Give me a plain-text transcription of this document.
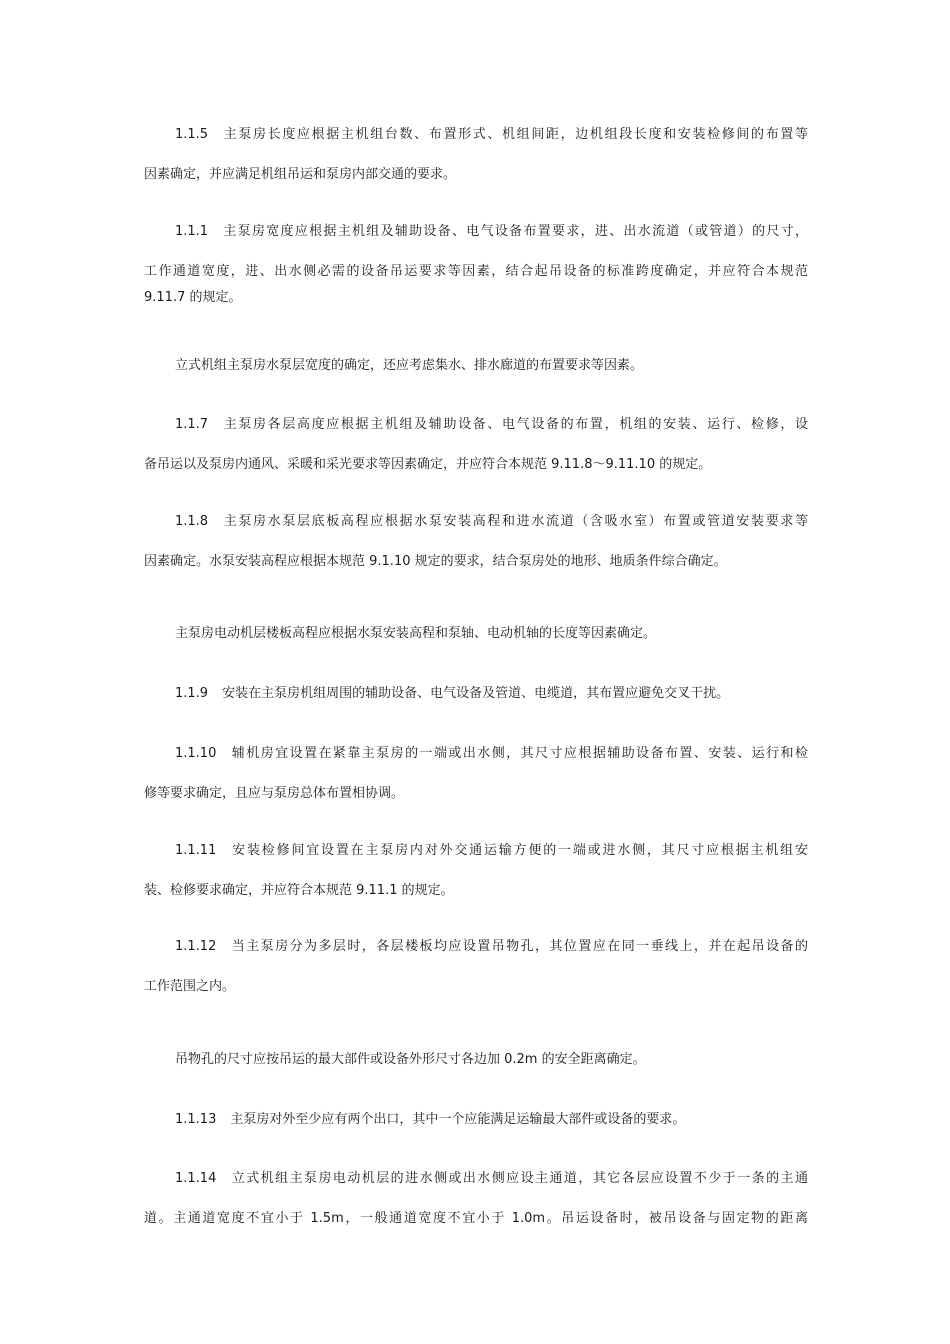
1.1.5 主泵房长度应根据主机组台数、布置形式、机组间距，边机组段长度和安装检修间的布置等
因素确定，并应满足机组吊运和泵房内部交通的要求。
1.1.1 主泵房宽度应根据主机组及辅助设备、电气设备布置要求，进、出水流道（或管道）的尺寸，
工作通道宽度，进、出水侧必需的设备吊运要求等因素，结合起吊设备的标准跨度确定，并应符合本规范
9.11.7 的规定。
立式机组主泵房水泵层宽度的确定，还应考虑集水、排水廊道的布置要求等因素。
1.1.7 主泵房各层高度应根据主机组及辅助设备、电气设备的布置，机组的安装、运行、检修，设
备吊运以及泵房内通风、采暖和采光要求等因素确定，并应符合本规范 9.11.8～9.11.10 的规定。
1.1.8 主泵房水泵层底板高程应根据水泵安装高程和进水流道（含吸水室）布置或管道安装要求等
因素确定。水泵安装高程应根据本规范 9.1.10 规定的要求，结合泵房处的地形、地质条件综合确定。
主泵房电动机层楼板高程应根据水泵安装高程和泵轴、电动机轴的长度等因素确定。
1.1.9 安装在主泵房机组周围的辅助设备、电气设备及管道、电缆道，其布置应避免交叉干扰。
1.1.10 辅机房宜设置在紧靠主泵房的一端或出水侧，其尺寸应根据辅助设备布置、安装、运行和检
修等要求确定，且应与泵房总体布置相协调。
1.1.11 安装检修间宜设置在主泵房内对外交通运输方便的一端或进水侧，其尺寸应根据主机组安
装、检修要求确定，并应符合本规范 9.11.1 的规定。
1.1.12 当主泵房分为多层时，各层楼板均应设置吊物孔，其位置应在同一垂线上，并在起吊设备的
工作范围之内。
吊物孔的尺寸应按吊运的最大部件或设备外形尺寸各边加 0.2m 的安全距离确定。
1.1.13 主泵房对外至少应有两个出口，其中一个应能满足运输最大部件或设备的要求。
1.1.14 立式机组主泵房电动机层的进水侧或出水侧应设主通道，其它各层应设置不少于一条的主通
道。主通道宽度不宜小于 1.5m，一般通道宽度不宜小于 1.0m。吊运设备时，被吊设备与固定物的距离
